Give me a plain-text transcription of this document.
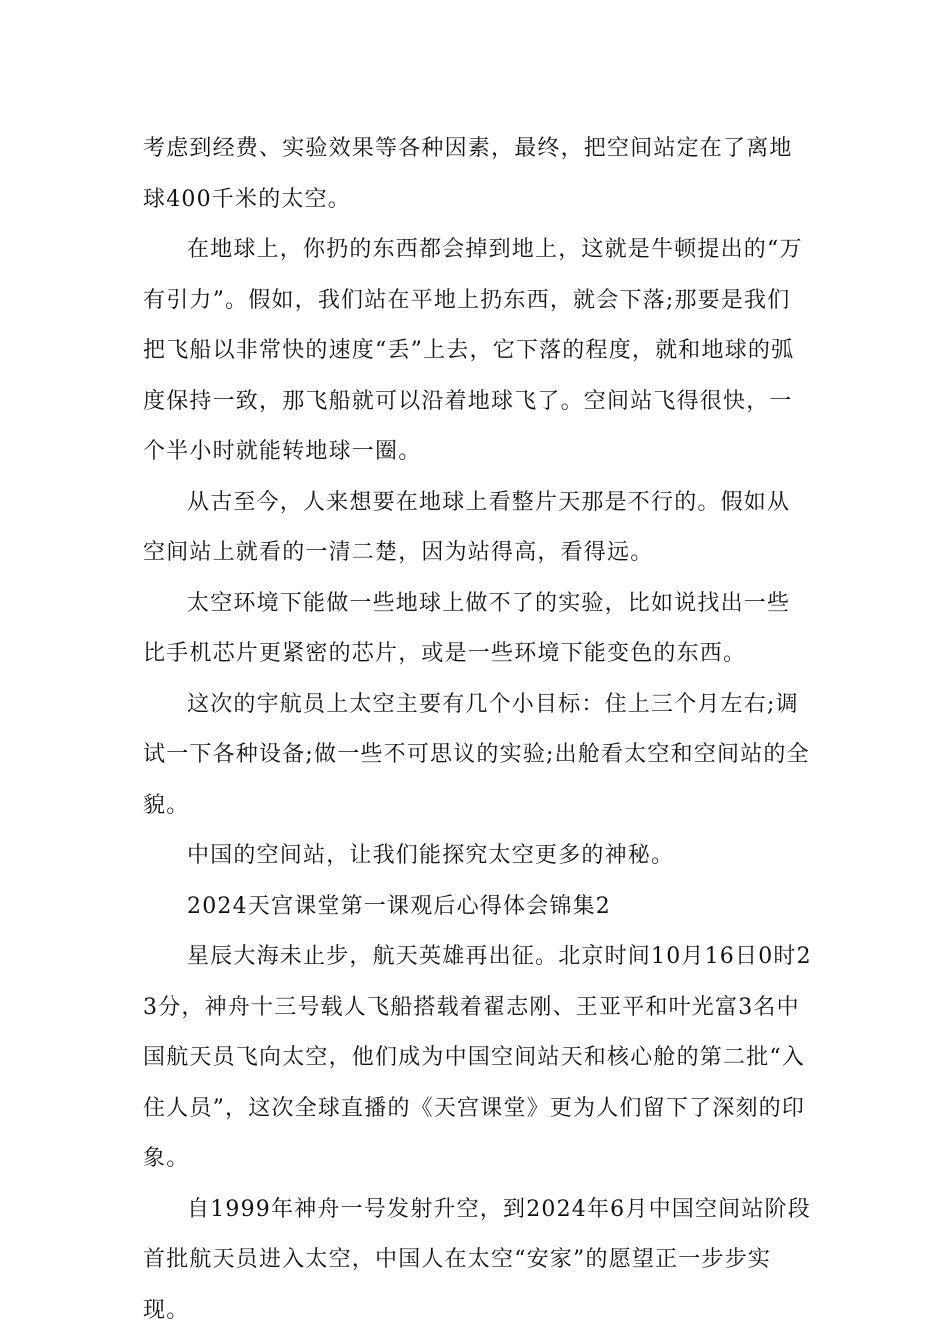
考虑到经费、实验效果等各种因素，最终，把空间站定在了离地球400千米的太空。

在地球上，你扔的东西都会掉到地上，这就是牛顿提出的“万有引力”。假如，我们站在平地上扔东西，就会下落;那要是我们把飞船以非常快的速度“丢”上去，它下落的程度，就和地球的弧度保持一致，那飞船就可以沿着地球飞了。空间站飞得很快，一个半小时就能转地球一圈。

从古至今，人来想要在地球上看整片天那是不行的。假如从空间站上就看的一清二楚，因为站得高，看得远。

太空环境下能做一些地球上做不了的实验，比如说找出一些比手机芯片更紧密的芯片，或是一些环境下能变色的东西。

这次的宇航员上太空主要有几个小目标：住上三个月左右;调试一下各种设备;做一些不可思议的实验;出舱看太空和空间站的全貌。

中国的空间站，让我们能探究太空更多的神秘。

2024天宫课堂第一课观后心得体会锦集2

星辰大海未止步，航天英雄再出征。北京时间10月16日0时23分，神舟十三号载人飞船搭载着翟志刚、王亚平和叶光富3名中国航天员飞向太空，他们成为中国空间站天和核心舱的第二批“入住人员”，这次全球直播的《天宫课堂》更为人们留下了深刻的印象。

自1999年神舟一号发射升空，到2024年6月中国空间站阶段首批航天员进入太空，中国人在太空“安家”的愿望正一步步实现。
